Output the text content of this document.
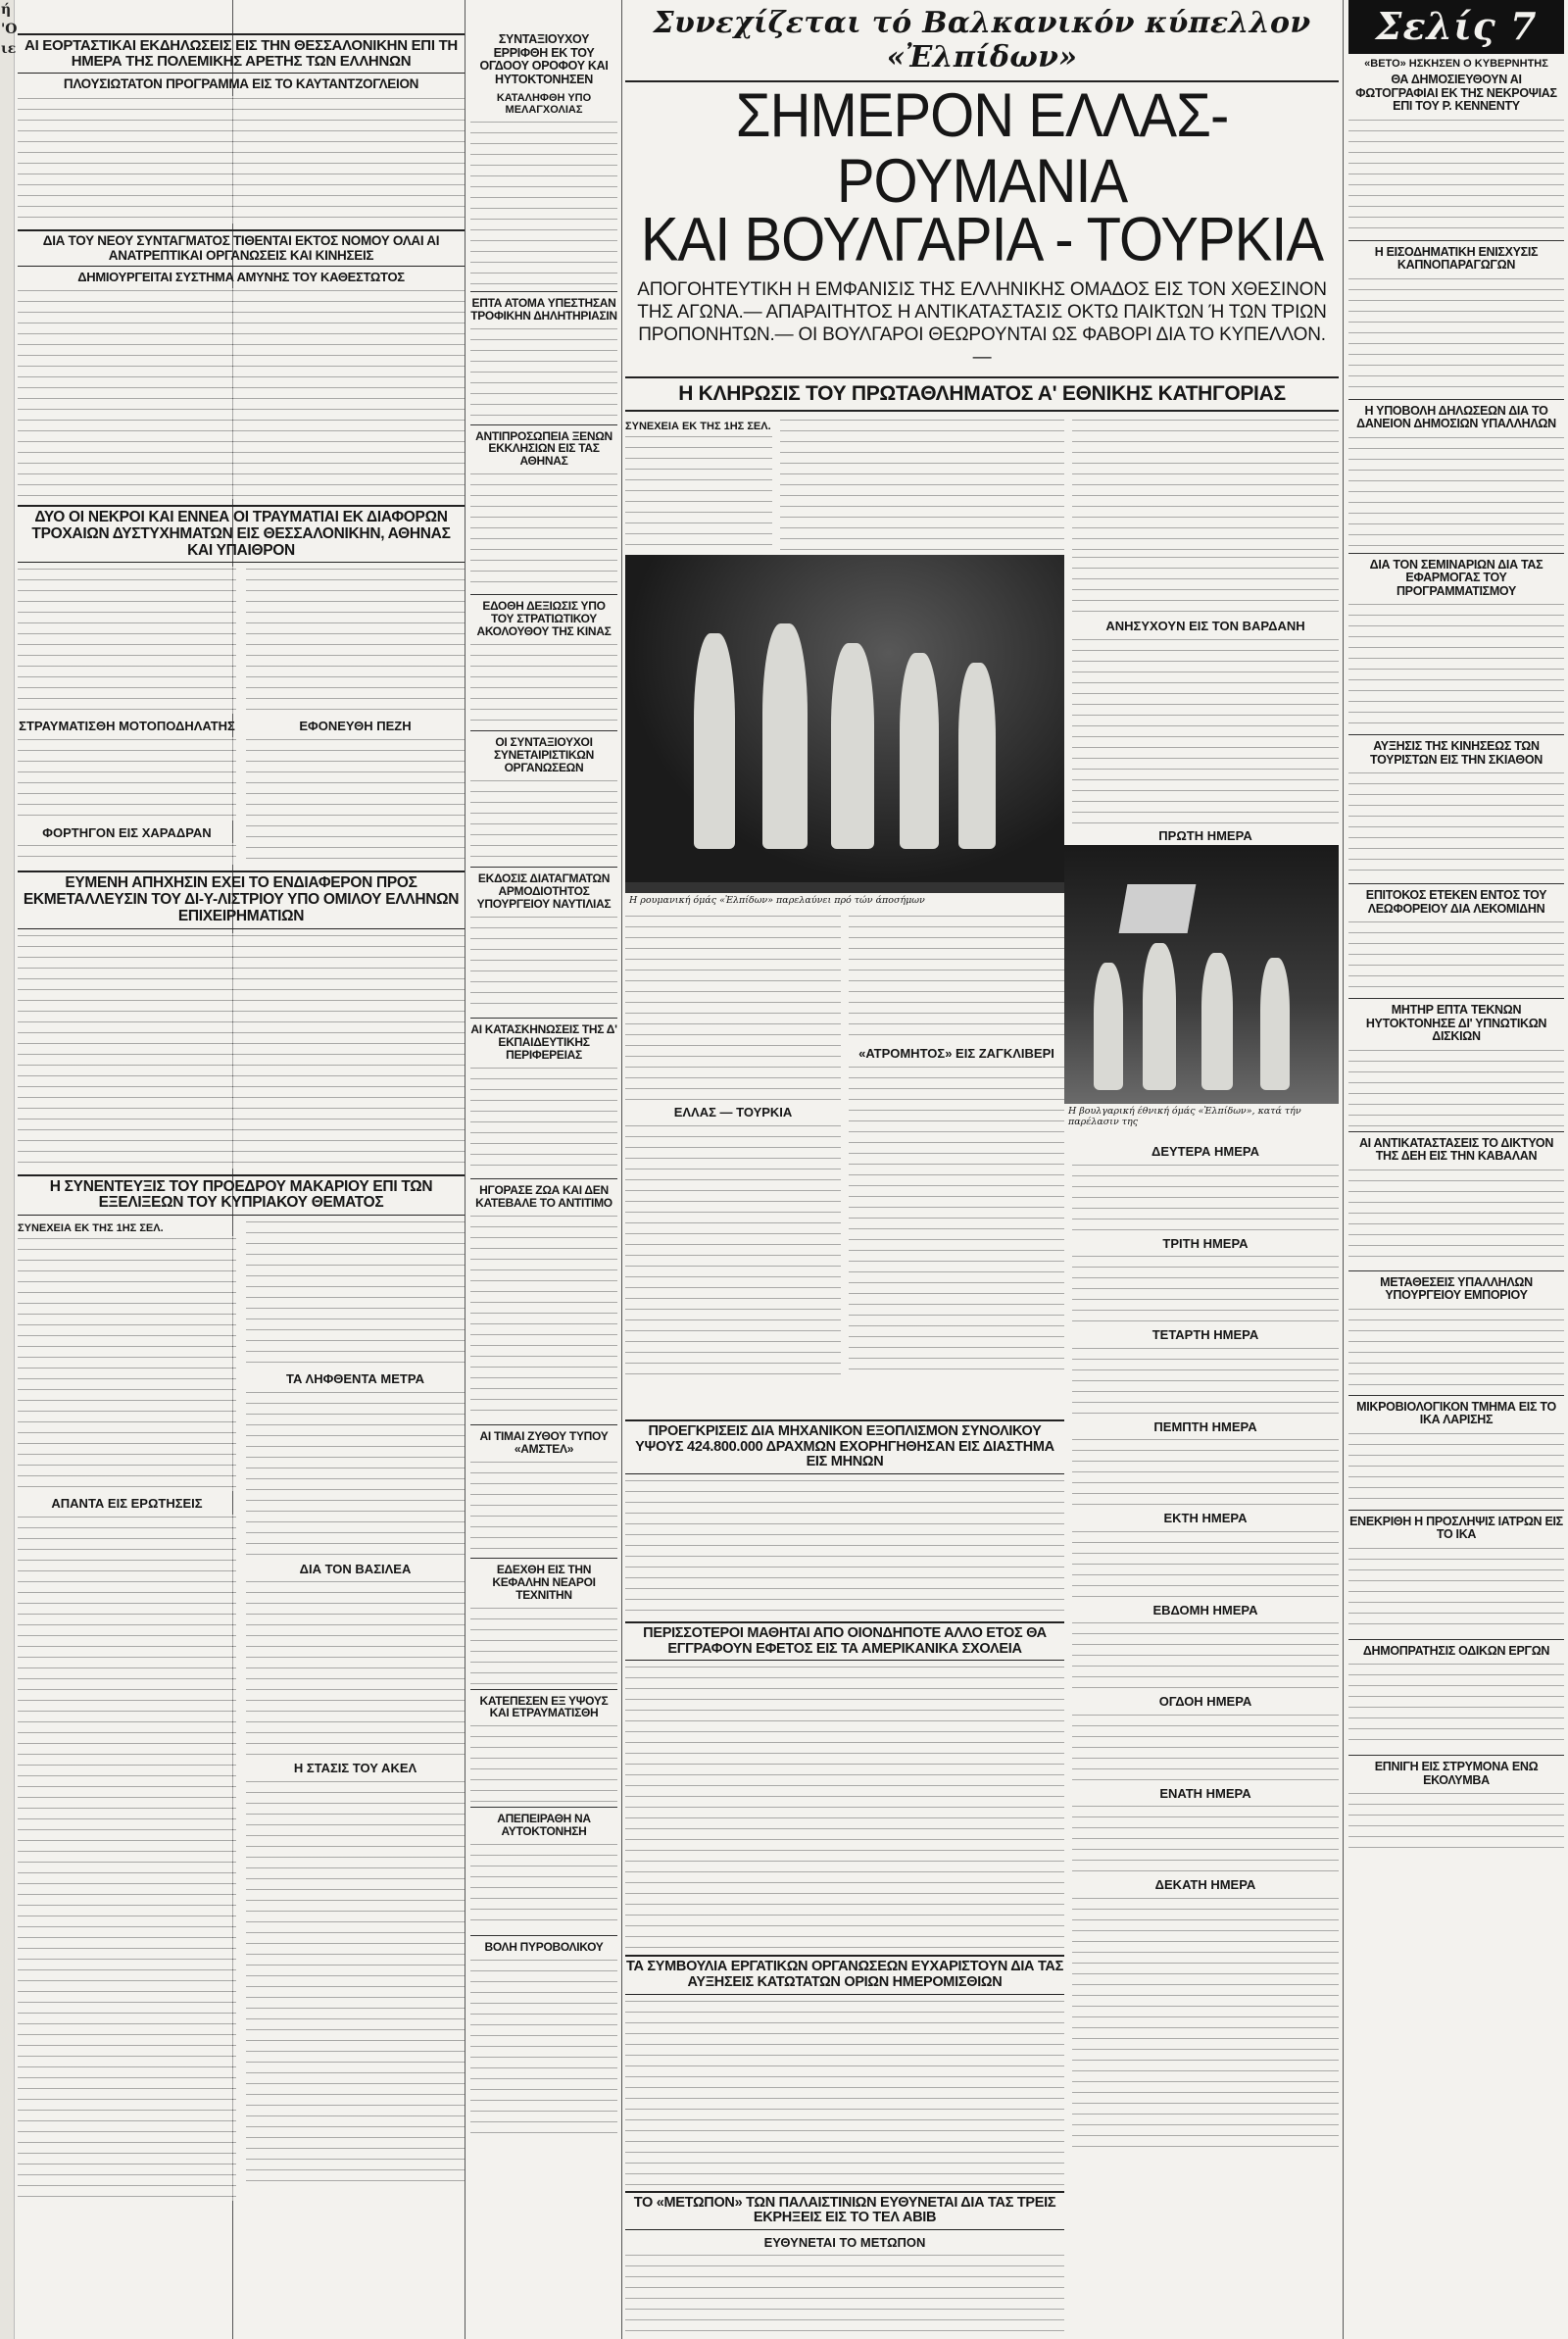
ή
'Ο
ιε ΑΙ ΕΟΡΤΑΣΤΙΚΑΙ ΕΚΔΗΛΩΣΕΙΣ ΕΙΣ ΤΗΝ ΘΕΣΣΑΛΟΝΙΚΗΝ ΕΠΙ ΤΗ ΗΜΕΡΑ ΤΗΣ ΠΟΛΕΜΙΚΗΣ ΑΡΕΤΗΣ ΤΩΝ ΕΛΛΗΝΩΝ
ΠΛΟΥΣΙΩΤΑΤΟΝ ΠΡΟΓΡΑΜΜΑ ΕΙΣ ΤΟ ΚΑΥΤΑΝΤΖΟΓΛΕΙΟΝ
ΔΙΑ ΤΟΥ ΝΕΟΥ ΣΥΝΤΑΓΜΑΤΟΣ ΤΙΘΕΝΤΑΙ ΕΚΤΟΣ ΝΟΜΟΥ ΟΛΑΙ ΑΙ ΑΝΑΤΡΕΠΤΙΚΑΙ ΟΡΓΑΝΩΣΕΙΣ ΚΑΙ ΚΙΝΗΣΕΙΣ
ΔΗΜΙΟΥΡΓΕΙΤΑΙ ΣΥΣΤΗΜΑ ΑΜΥΝΗΣ ΤΟΥ ΚΑΘΕΣΤΩΤΟΣ
ΔΥΟ ΟΙ ΝΕΚΡΟΙ ΚΑΙ ΕΝΝΕΑ ΟΙ ΤΡΑΥΜΑΤΙΑΙ ΕΚ ΔΙΑΦΟΡΩΝ ΤΡΟΧΑΙΩΝ ΔΥΣΤΥΧΗΜΑΤΩΝ ΕΙΣ ΘΕΣΣΑΛΟΝΙΚΗΝ, ΑΘΗΝΑΣ ΚΑΙ ΥΠΑΙΘΡΟΝ
ΣΤΡΑΥΜΑΤΙΣΘΗ ΜΟΤΟΠΟΔΗΛΑΤΗΣ
ΦΟΡΤΗΓΟΝ ΕΙΣ ΧΑΡΑΔΡΑΝ
ΕΦΟΝΕΥΘΗ ΠΕΖΗ
ΕΥΜΕΝΗ ΑΠΗΧΗΣΙΝ ΕΧΕΙ ΤΟ ΕΝΔΙΑΦΕΡΟΝ ΠΡΟΣ ΕΚΜΕΤΑΛΛΕΥΣΙΝ ΤΟΥ ΔΙ-Υ-ΛΙΣΤΡΙΟΥ ΥΠΟ ΟΜΙΛΟΥ ΕΛΛΗΝΩΝ ΕΠΙΧΕΙΡΗΜΑΤΙΩΝ
Η ΣΥΝΕΝΤΕΥΞΙΣ ΤΟΥ ΠΡΟΕΔΡΟΥ ΜΑΚΑΡΙΟΥ ΕΠΙ ΤΩΝ ΕΞΕΛΙΞΕΩΝ ΤΟΥ ΚΥΠΡΙΑΚΟΥ ΘΕΜΑΤΟΣ
ΣΥΝΕΧΕΙΑ ΕΚ ΤΗΣ 1ΗΣ ΣΕΛ.
ΑΠΑΝΤΑ ΕΙΣ ΕΡΩΤΗΣΕΙΣ
ΤΑ ΛΗΦΘΕΝΤΑ ΜΕΤΡΑ
ΔΙΑ ΤΟΝ ΒΑΣΙΛΕΑ
Η ΣΤΑΣΙΣ ΤΟΥ ΑΚΕΛ
ΣΥΝΤΑΞΙΟΥΧΟΥ ΕΡΡΙΦΘΗ ΕΚ ΤΟΥ ΟΓΔΟΟΥ ΟΡΟΦΟΥ ΚΑΙ ΗΥΤΟΚΤΟΝΗΣΕΝ
ΚΑΤΑΛΗΦΘΗ ΥΠΟ ΜΕΛΑΓΧΟΛΙΑΣ
ΕΠΤΑ ΑΤΟΜΑ ΥΠΕΣΤΗΣΑΝ ΤΡΟΦΙΚΗΝ ΔΗΛΗΤΗΡΙΑΣΙΝ
ΑΝΤΙΠΡΟΣΩΠΕΙΑ ΞΕΝΩΝ ΕΚΚΛΗΣΙΩΝ ΕΙΣ ΤΑΣ ΑΘΗΝΑΣ
ΕΔΟΘΗ ΔΕΞΙΩΣΙΣ ΥΠΟ ΤΟΥ ΣΤΡΑΤΙΩΤΙΚΟΥ ΑΚΟΛΟΥΘΟΥ ΤΗΣ ΚΙΝΑΣ
ΟΙ ΣΥΝΤΑΞΙΟΥΧΟΙ ΣΥΝΕΤΑΙΡΙΣΤΙΚΩΝ ΟΡΓΑΝΩΣΕΩΝ
ΕΚΔΟΣΙΣ ΔΙΑΤΑΓΜΑΤΩΝ ΑΡΜΟΔΙΟΤΗΤΟΣ ΥΠΟΥΡΓΕΙΟΥ ΝΑΥΤΙΛΙΑΣ
ΑΙ ΚΑΤΑΣΚΗΝΩΣΕΙΣ ΤΗΣ Δ' ΕΚΠΑΙΔΕΥΤΙΚΗΣ ΠΕΡΙΦΕΡΕΙΑΣ
ΗΓΟΡΑΣΕ ΖΩΑ ΚΑΙ ΔΕΝ ΚΑΤΕΒΑΛΕ ΤΟ ΑΝΤΙΤΙΜΟ
ΑΙ ΤΙΜΑΙ ΖΥΘΟΥ ΤΥΠΟΥ «ΑΜΣΤΕΛ»
ΕΔΕΧΘΗ ΕΙΣ ΤΗΝ ΚΕΦΑΛΗΝ ΝΕΑΡΟΙ ΤΕΧΝΙΤΗΝ
ΚΑΤΕΠΕΣΕΝ ΕΞ ΥΨΟΥΣ ΚΑΙ ΕΤΡΑΥΜΑΤΙΣΘΗ
ΑΠΕΠΕΙΡΑΘΗ ΝΑ ΑΥΤΟΚΤΟΝΗΣΗ
ΒΟΛΗ ΠΥΡΟΒΟΛΙΚΟΥ
Συνεχίζεται τό Βαλκανικόν κύπελλον «Ἐλπίδων»
ΣΗΜΕΡΟΝ ΕΛΛΑΣ-ΡΟΥΜΑΝΙΑ
ΚΑΙ ΒΟΥΛΓΑΡΙΑ - ΤΟΥΡΚΙΑ
ΑΠΟΓΟΗΤΕΥΤΙΚΗ Η ΕΜΦΑΝΙΣΙΣ ΤΗΣ ΕΛΛΗΝΙΚΗΣ ΟΜΑΔΟΣ ΕΙΣ ΤΟΝ ΧΘΕΣΙΝΟΝ ΤΗΣ ΑΓΩΝΑ.— ΑΠΑΡΑΙΤΗΤΟΣ Η ΑΝΤΙΚΑΤΑΣΤΑΣΙΣ ΟΚΤΩ ΠΑΙΚΤΩΝ Ή ΤΩΝ ΤΡΙΩΝ ΠΡΟΠΟΝΗΤΩΝ.— ΟΙ ΒΟΥΛΓΑΡΟΙ ΘΕΩΡΟΥΝΤΑΙ ΩΣ ΦΑΒΟΡΙ ΔΙΑ ΤΟ ΚΥΠΕΛΛΟΝ.—
Η ΚΛΗΡΩΣΙΣ ΤΟΥ ΠΡΩΤΑΘΛΗΜΑΤΟΣ Α' ΕΘΝΙΚΗΣ ΚΑΤΗΓΟΡΙΑΣ
ΣΥΝΕΧΕΙΑ ΕΚ ΤΗΣ 1ΗΣ ΣΕΛ.
Η ρουμανική όμάς «Ἐλπίδων» παρελαύνει πρό τών άποσήμων
ΕΛΛΑΣ — ΤΟΥΡΚΙΑ
«ΑΤΡΟΜΗΤΟΣ» ΕΙΣ ΖΑΓΚΛΙΒΕΡΙ
ΑΝΗΣΥΧΟΥΝ ΕΙΣ ΤΟΝ ΒΑΡΔΑΝΗ
ΠΡΩΤΗ ΗΜΕΡΑ
Η βουλγαρική έθνική όμάς «Ἐλπίδων», κατά τήν παρέλασιν της
ΠΡΟΕΓΚΡΙΣΕΙΣ ΔΙΑ ΜΗΧΑΝΙΚΟΝ ΕΞΟΠΛΙΣΜΟΝ ΣΥΝΟΛΙΚΟΥ ΥΨΟΥΣ 424.800.000 ΔΡΑΧΜΩΝ ΕΧΟΡΗΓΗΘΗΣΑΝ ΕΙΣ ΔΙΑΣΤΗΜΑ ΕΙΣ ΜΗΝΩΝ
ΠΕΡΙΣΣΟΤΕΡΟΙ ΜΑΘΗΤΑΙ ΑΠΟ ΟΙΟΝΔΗΠΟΤΕ ΑΛΛΟ ΕΤΟΣ ΘΑ ΕΓΓΡΑΦΟΥΝ ΕΦΕΤΟΣ ΕΙΣ ΤΑ ΑΜΕΡΙΚΑΝΙΚΑ ΣΧΟΛΕΙΑ
ΤΑ ΣΥΜΒΟΥΛΙΑ ΕΡΓΑΤΙΚΩΝ ΟΡΓΑΝΩΣΕΩΝ ΕΥΧΑΡΙΣΤΟΥΝ ΔΙΑ ΤΑΣ ΑΥΞΗΣΕΙΣ ΚΑΤΩΤΑΤΩΝ ΟΡΙΩΝ ΗΜΕΡΟΜΙΣΘΙΩΝ
ΤΟ «ΜΕΤΩΠΟΝ» ΤΩΝ ΠΑΛΑΙΣΤΙΝΙΩΝ ΕΥΘΥΝΕΤΑΙ ΔΙΑ ΤΑΣ ΤΡΕΙΣ ΕΚΡΗΞΕΙΣ ΕΙΣ ΤΟ ΤΕΛ ΑΒΙΒ
ΕΥΘΥΝΕΤΑΙ ΤΟ ΜΕΤΩΠΟΝ
ΔΕΥΤΕΡΑ ΗΜΕΡΑ
ΤΡΙΤΗ ΗΜΕΡΑ
ΤΕΤΑΡΤΗ ΗΜΕΡΑ
ΠΕΜΠΤΗ ΗΜΕΡΑ
ΕΚΤΗ ΗΜΕΡΑ
ΕΒΔΟΜΗ ΗΜΕΡΑ
ΟΓΔΟΗ ΗΜΕΡΑ
ΕΝΑΤΗ ΗΜΕΡΑ
ΔΕΚΑΤΗ ΗΜΕΡΑ
Σελίς 7
«ΒΕΤΟ» ΗΣΚΗΣΕΝ Ο ΚΥΒΕΡΝΗΤΗΣ
ΘΑ ΔΗΜΟΣΙΕΥΘΟΥΝ ΑΙ ΦΩΤΟΓΡΑΦΙΑΙ ΕΚ ΤΗΣ ΝΕΚΡΟΨΙΑΣ ΕΠΙ ΤΟΥ Ρ. ΚΕΝΝΕΝΤΥ
Η ΕΙΣΟΔΗΜΑΤΙΚΗ ΕΝΙΣΧΥΣΙΣ ΚΑΠΝΟΠΑΡΑΓΩΓΩΝ
Η ΥΠΟΒΟΛΗ ΔΗΛΩΣΕΩΝ ΔΙΑ ΤΟ ΔΑΝΕΙΟΝ ΔΗΜΟΣΙΩΝ ΥΠΑΛΛΗΛΩΝ
ΔΙΑ ΤΟΝ ΣΕΜΙΝΑΡΙΩΝ ΔΙΑ ΤΑΣ ΕΦΑΡΜΟΓΑΣ ΤΟΥ ΠΡΟΓΡΑΜΜΑΤΙΣΜΟΥ
ΑΥΞΗΣΙΣ ΤΗΣ ΚΙΝΗΣΕΩΣ ΤΩΝ ΤΟΥΡΙΣΤΩΝ ΕΙΣ ΤΗΝ ΣΚΙΑΘΟΝ
ΕΠΙΤΟΚΟΣ ΕΤΕΚΕΝ ΕΝΤΟΣ ΤΟΥ ΛΕΩΦΟΡΕΙΟΥ ΔΙΑ ΛΕΚΟΜΙΔΗΝ
ΜΗΤΗΡ ΕΠΤΑ ΤΕΚΝΩΝ ΗΥΤΟΚΤΟΝΗΣΕ ΔΙ' ΥΠΝΩΤΙΚΩΝ ΔΙΣΚΙΩΝ
ΑΙ ΑΝΤΙΚΑΤΑΣΤΑΣΕΙΣ ΤΟ ΔΙΚΤΥΟΝ ΤΗΣ ΔΕΗ ΕΙΣ ΤΗΝ ΚΑΒΑΛΑΝ
ΜΕΤΑΘΕΣΕΙΣ ΥΠΑΛΛΗΛΩΝ ΥΠΟΥΡΓΕΙΟΥ ΕΜΠΟΡΙΟΥ
ΜΙΚΡΟΒΙΟΛΟΓΙΚΟΝ ΤΜΗΜΑ ΕΙΣ ΤΟ ΙΚΑ ΛΑΡΙΣΗΣ
ΕΝΕΚΡΙΘΗ Η ΠΡΟΣΛΗΨΙΣ ΙΑΤΡΩΝ ΕΙΣ ΤΟ ΙΚΑ
ΔΗΜΟΠΡΑΤΗΣΙΣ ΟΔΙΚΩΝ ΕΡΓΩΝ
ΕΠΝΙΓΗ ΕΙΣ ΣΤΡΥΜΟΝΑ ΕΝΩ ΕΚΟΛΥΜΒΑ
